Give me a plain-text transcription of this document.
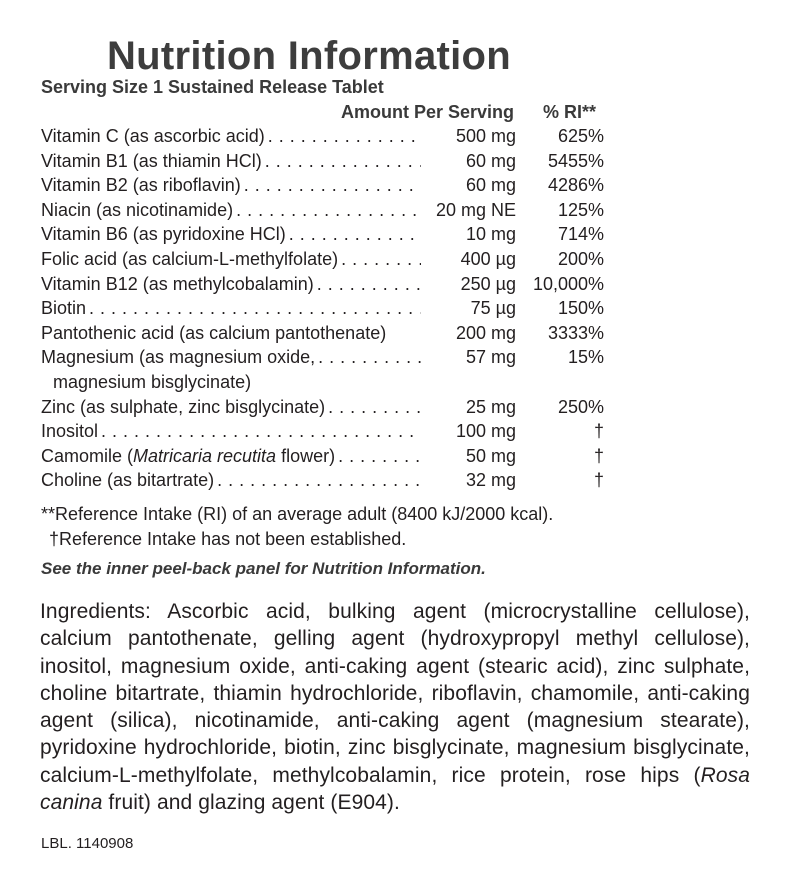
Nutrition Information
Serving Size 1 Sustained Release Tablet
Amount Per Serving % RI**
Vitamin C (as ascorbic acid) . . .	500 mg 625%
Vitamin B1 (as thiamin HCl) . . .	60 mg 5455%
Vitamin B2 (as riboflavin) . . .	60 mg 4286%
Niacin (as nicotinamide) . . .	20 mg NE 125%
Vitamin B6 (as pyridoxine HCl) . . .	10 mg 714%
Folic acid (as calcium-L-methylfolate) . . .	400 µg 200%
Vitamin B12 (as methylcobalamin) . . .	250 µg 10,000%
Biotin . . .	75 µg 150%
Pantothenic acid (as calcium pantothenate)	200 mg 3333%
Magnesium (as magnesium oxide, . . .
magnesium bisglycinate)
57 mg	15%
Zinc (as sulphate, zinc bisglycinate) . . .	25 mg 250%
Inositol . . .	100 mg	†
Camomile (Matricaria recutita flower) . . .	50 mg	†
Choline (as bitartrate) . . .	32 mg	†
**Reference Intake (RI) of an average adult (8400 kJ/2000 kcal).
†Reference Intake has not been established.
See the inner peel-back panel for Nutrition Information.

Ingredients: Ascorbic acid, bulking agent (microcrystalline cellulose), calcium pantothenate, gelling agent (hydroxypropyl methyl cellulose), inositol, magnesium oxide, anti-caking agent (stearic acid), zinc sulphate, choline bitartrate, thiamin hydrochloride, riboflavin, chamomile, anti-caking agent (silica), nicotinamide, anti-caking agent (magnesium stearate), pyridoxine hydrochloride, biotin, zinc bisglycinate, magnesium bisglycinate, calcium-L-methylfolate, methylcobalamin, rice protein, rose hips (Rosa canina fruit) and glazing agent (E904).

LBL. 1140908
